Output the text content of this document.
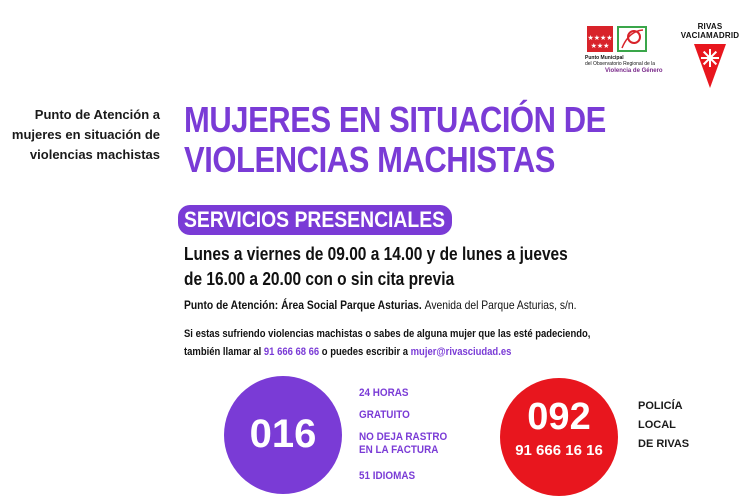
★★★★
★★★
Punto Municipal
del Observatorio Regional de la
Violencia de Género
RIVAS
VACIAMADRID
Punto de Atención a
mujeres en situación de
violencias machistas
MUJERES EN SITUACIÓN DE
VIOLENCIAS MACHISTAS
SERVICIOS PRESENCIALES
Lunes a viernes de 09.00 a 14.00 y de lunes a jueves
de 16.00 a 20.00 con o sin cita previa
Punto de Atención: Área Social Parque Asturias. Avenida del Parque Asturias, s/n.
Si estas sufriendo violencias machistas o sabes de alguna mujer que las esté padeciendo,
también llamar al 91 666 68 66 o puedes escribir a mujer@rivasciudad.es
016
24 HORAS
GRATUITO
NO DEJA RASTRO
EN LA FACTURA
51 IDIOMAS
092
91 666 16 16
POLICÍA
LOCAL
DE RIVAS
